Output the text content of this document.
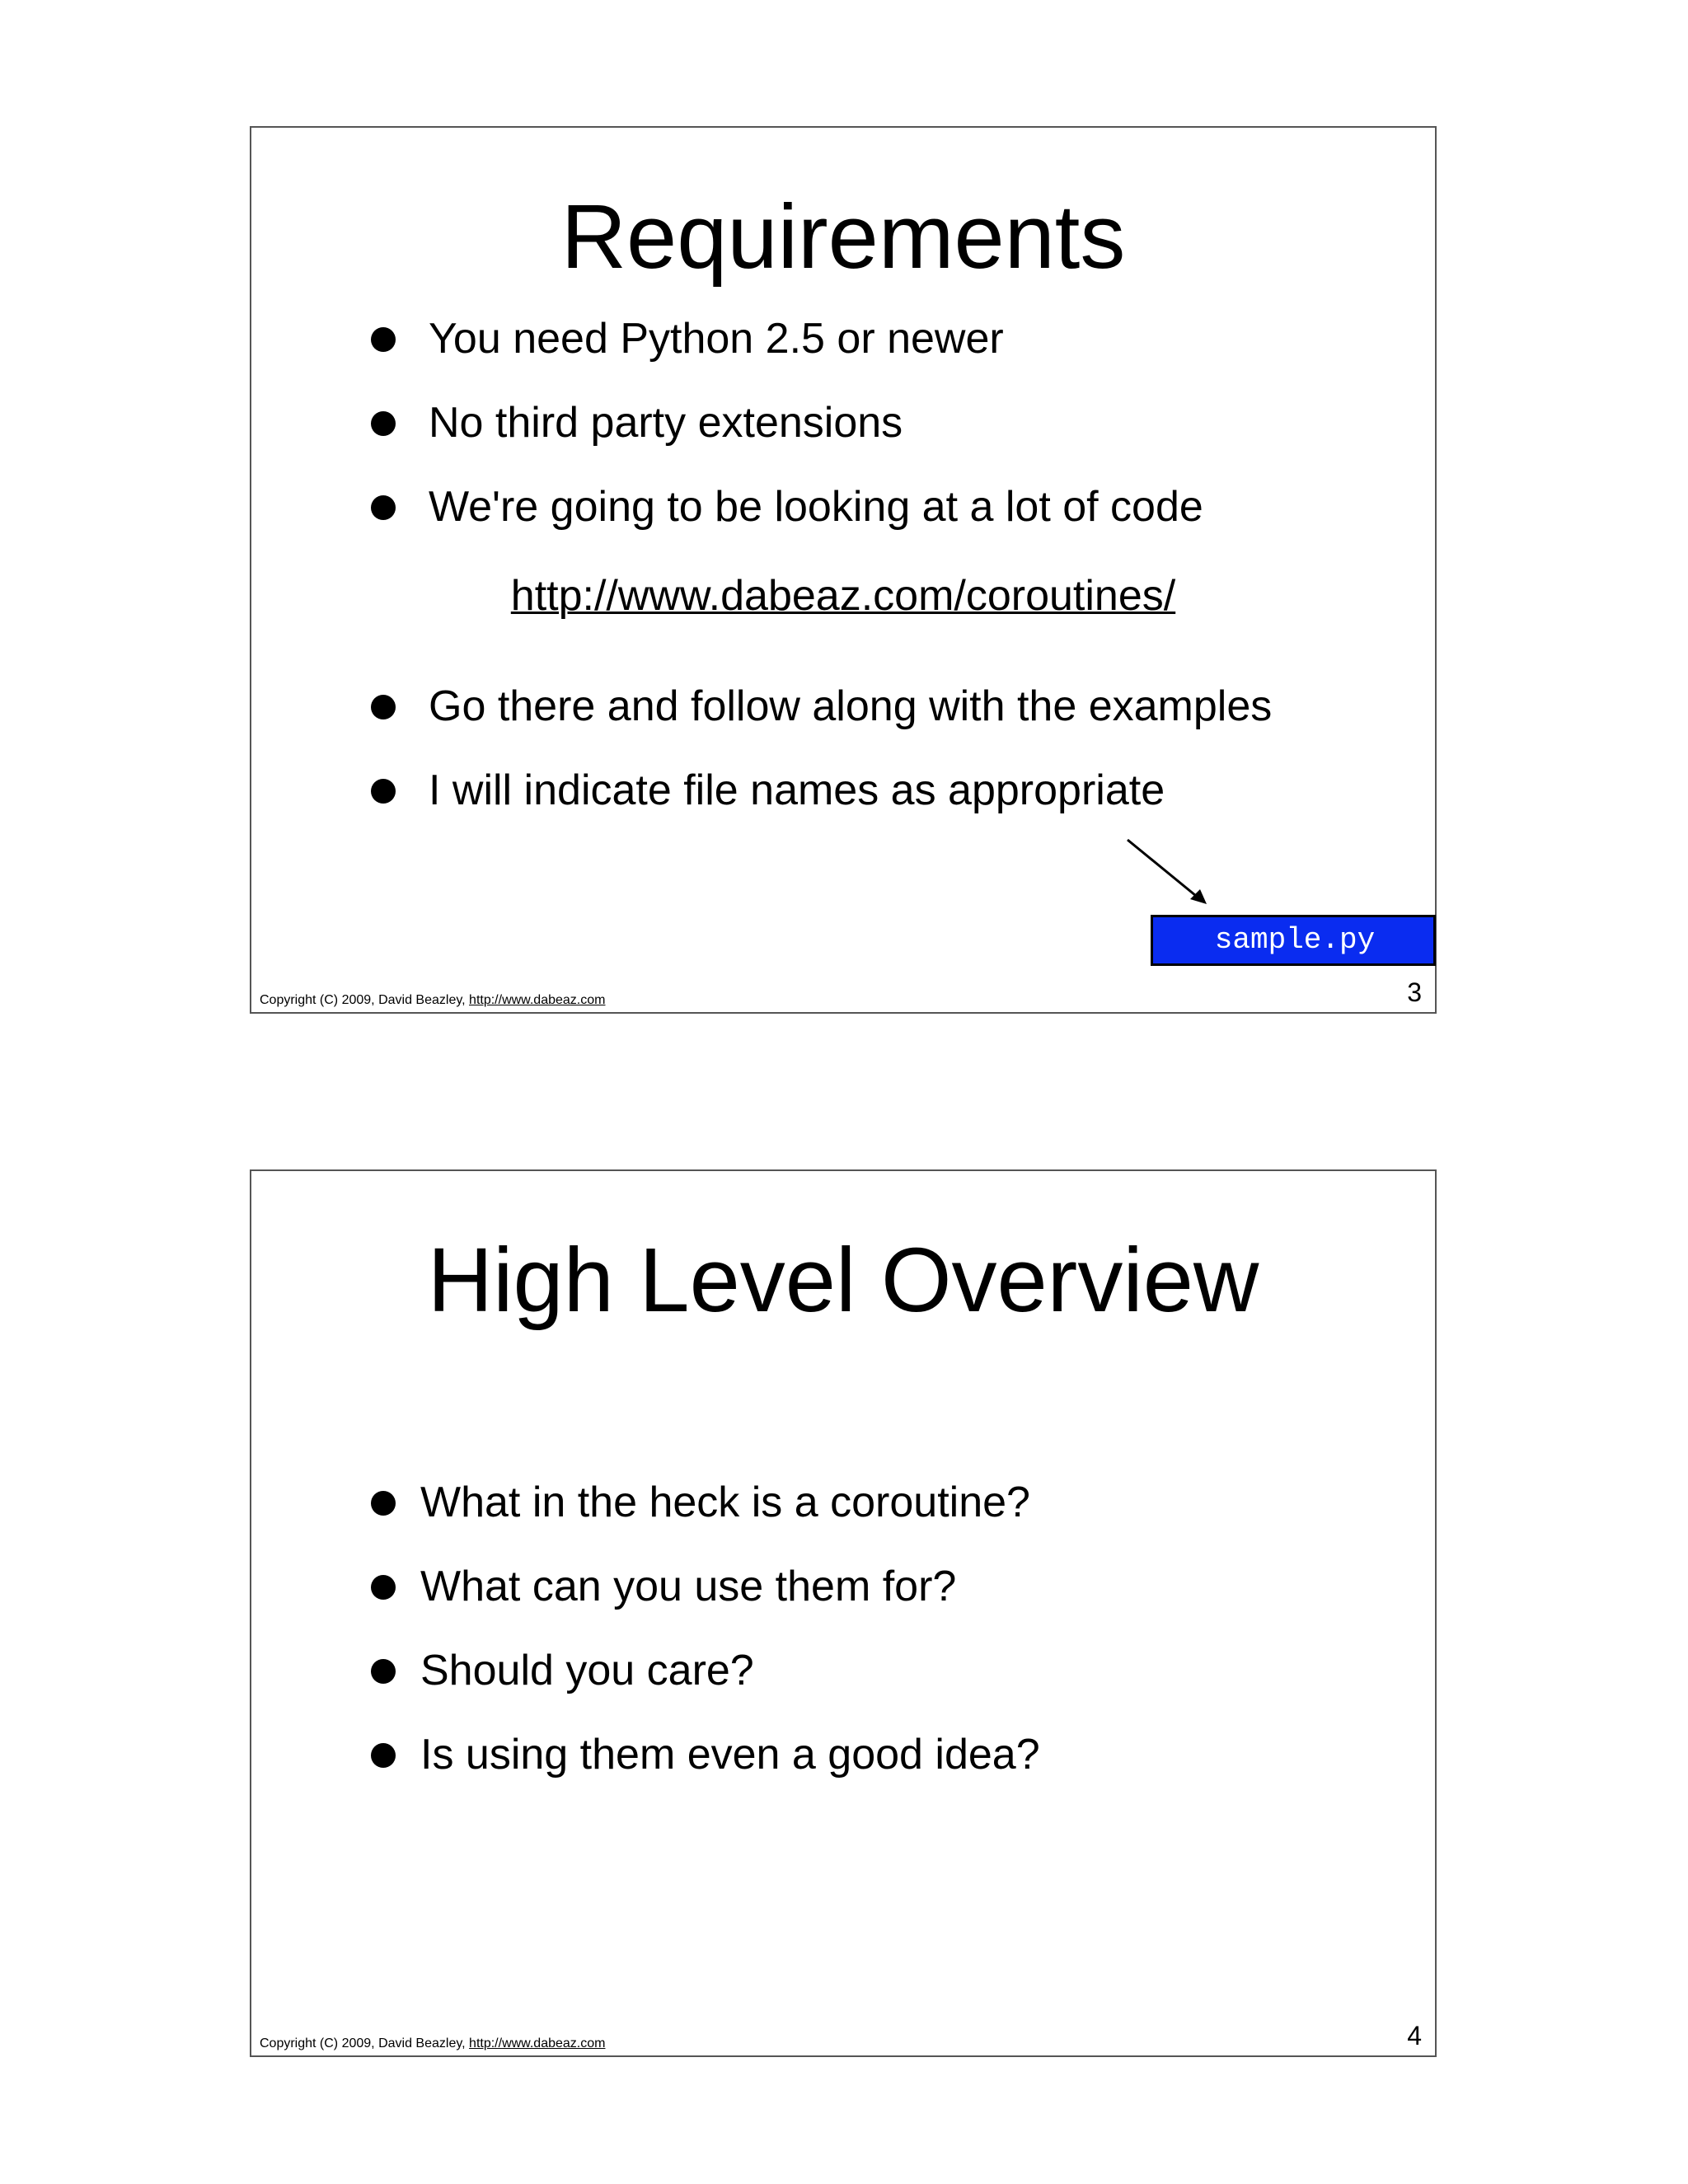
Requirements
You need Python 2.5 or newer
No third party extensions
We're going to be looking at a lot of code
http://www.dabeaz.com/coroutines/
Go there and follow along with the examples
I will indicate file names as appropriate
sample.py
Copyright (C) 2009, David Beazley, http://www.dabeaz.com	3
High Level Overview
What in the heck is a coroutine?
What can you use them for?
Should you care?
Is using them even a good idea?
Copyright (C) 2009, David Beazley, http://www.dabeaz.com	4
